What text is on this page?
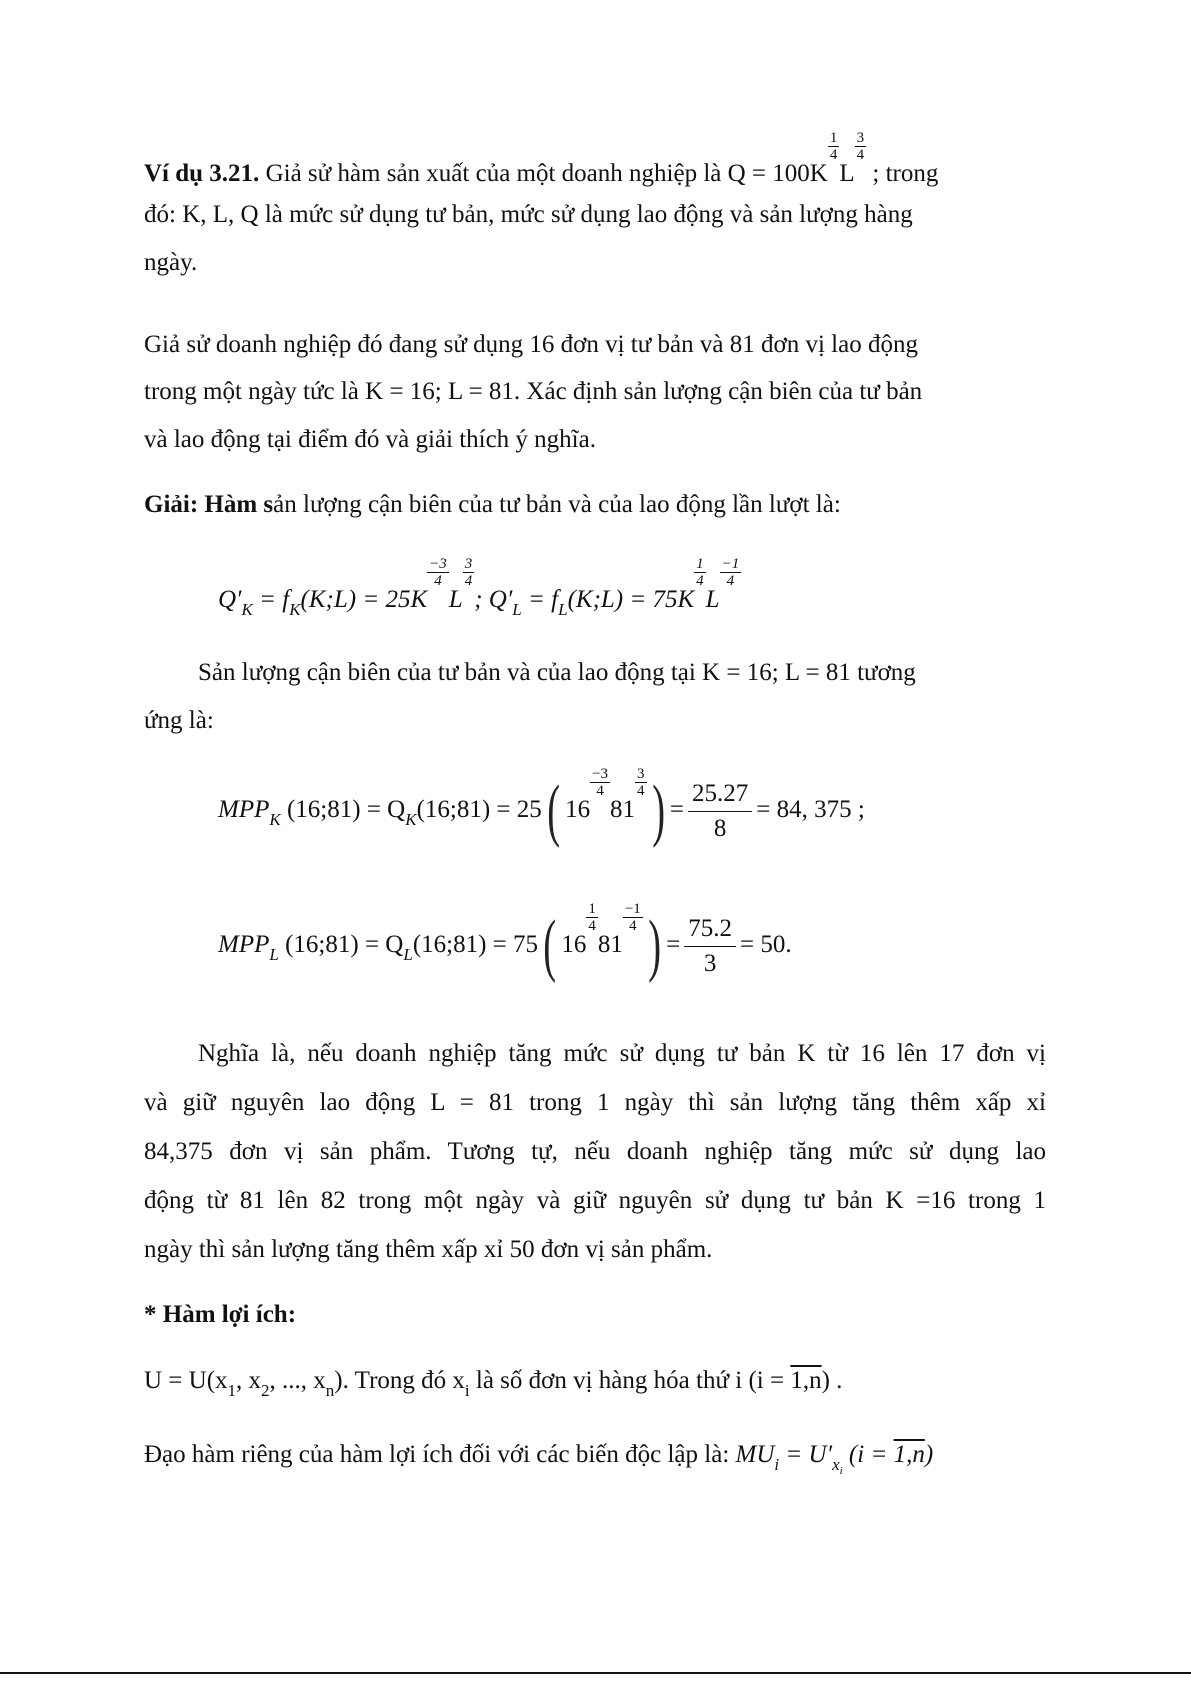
Ví dụ 3.21. Giả sử hàm sản xuất của một doanh nghiệp là Q = 100K
$\frac{1}{4}$
L
$\frac{3}{4}$
; trong
đó: K, L, Q là mức sử dụng tư bản, mức sử dụng lao động và sản lượng hàng
ngày.
Giả sử doanh nghiệp đó đang sử dụng 16 đơn vị tư bản và 81 đơn vị lao động
trong một ngày tức là K = 16; L = 81. Xác định sản lượng cận biên của tư bản
và lao động tại điểm đó và giải thích ý nghĩa.
Giải: Hàm sản lượng cận biên của tư bản và của lao động lần lượt là:
$Q'_K$ = $f_K(K;L) = 25K$
$\frac{-3}{4}$
L
$\frac{3}{4}$
; $Q'_L$ = $f_L(K;L) = 75K$
$\frac{1}{4}$
L
$\frac{-1}{4}$
Sản lượng cận biên của tư bản và của lao động tại K = 16; L = 81 tương
ứng là:
$MPP_K$ (16;81) = $Q_K(16;81) = 25$( 16
$\frac{-3}{4}$
81
$\frac{3}{4}$ ) = $\frac{25.27}{8} = 84$, 375 ;
$MPP_L$ (16;81) = $Q_L(16;81) = 75$( 16
$\frac{1}{4}$
81
$\frac{-1}{4}$ ) = $\frac{75.2}{3} = 50$.
Nghĩa là, nếu doanh nghiệp tăng mức sử dụng tư bản K từ 16 lên 17 đơn vị
và giữ nguyên lao động L = 81 trong 1 ngày thì sản lượng tăng thêm xấp xỉ
84,375 đơn vị sản phẩm. Tương tự, nếu doanh nghiệp tăng mức sử dụng lao
động từ 81 lên 82 trong một ngày và giữ nguyên sử dụng tư bản K =16 trong 1
ngày thì sản lượng tăng thêm xấp xỉ 50 đơn vị sản phẩm.
* Hàm lợi ích:
$U = U(x_1$, $x_2$, ..., $x_n$). Trong đó $x_i$ là số đơn vị hàng hóa thứ i (i = 1,n) .
Đạo hàm riêng của hàm lợi ích đối với các biến độc lập là: $MU_i = U'_{xi}$ (i = 1,n)
